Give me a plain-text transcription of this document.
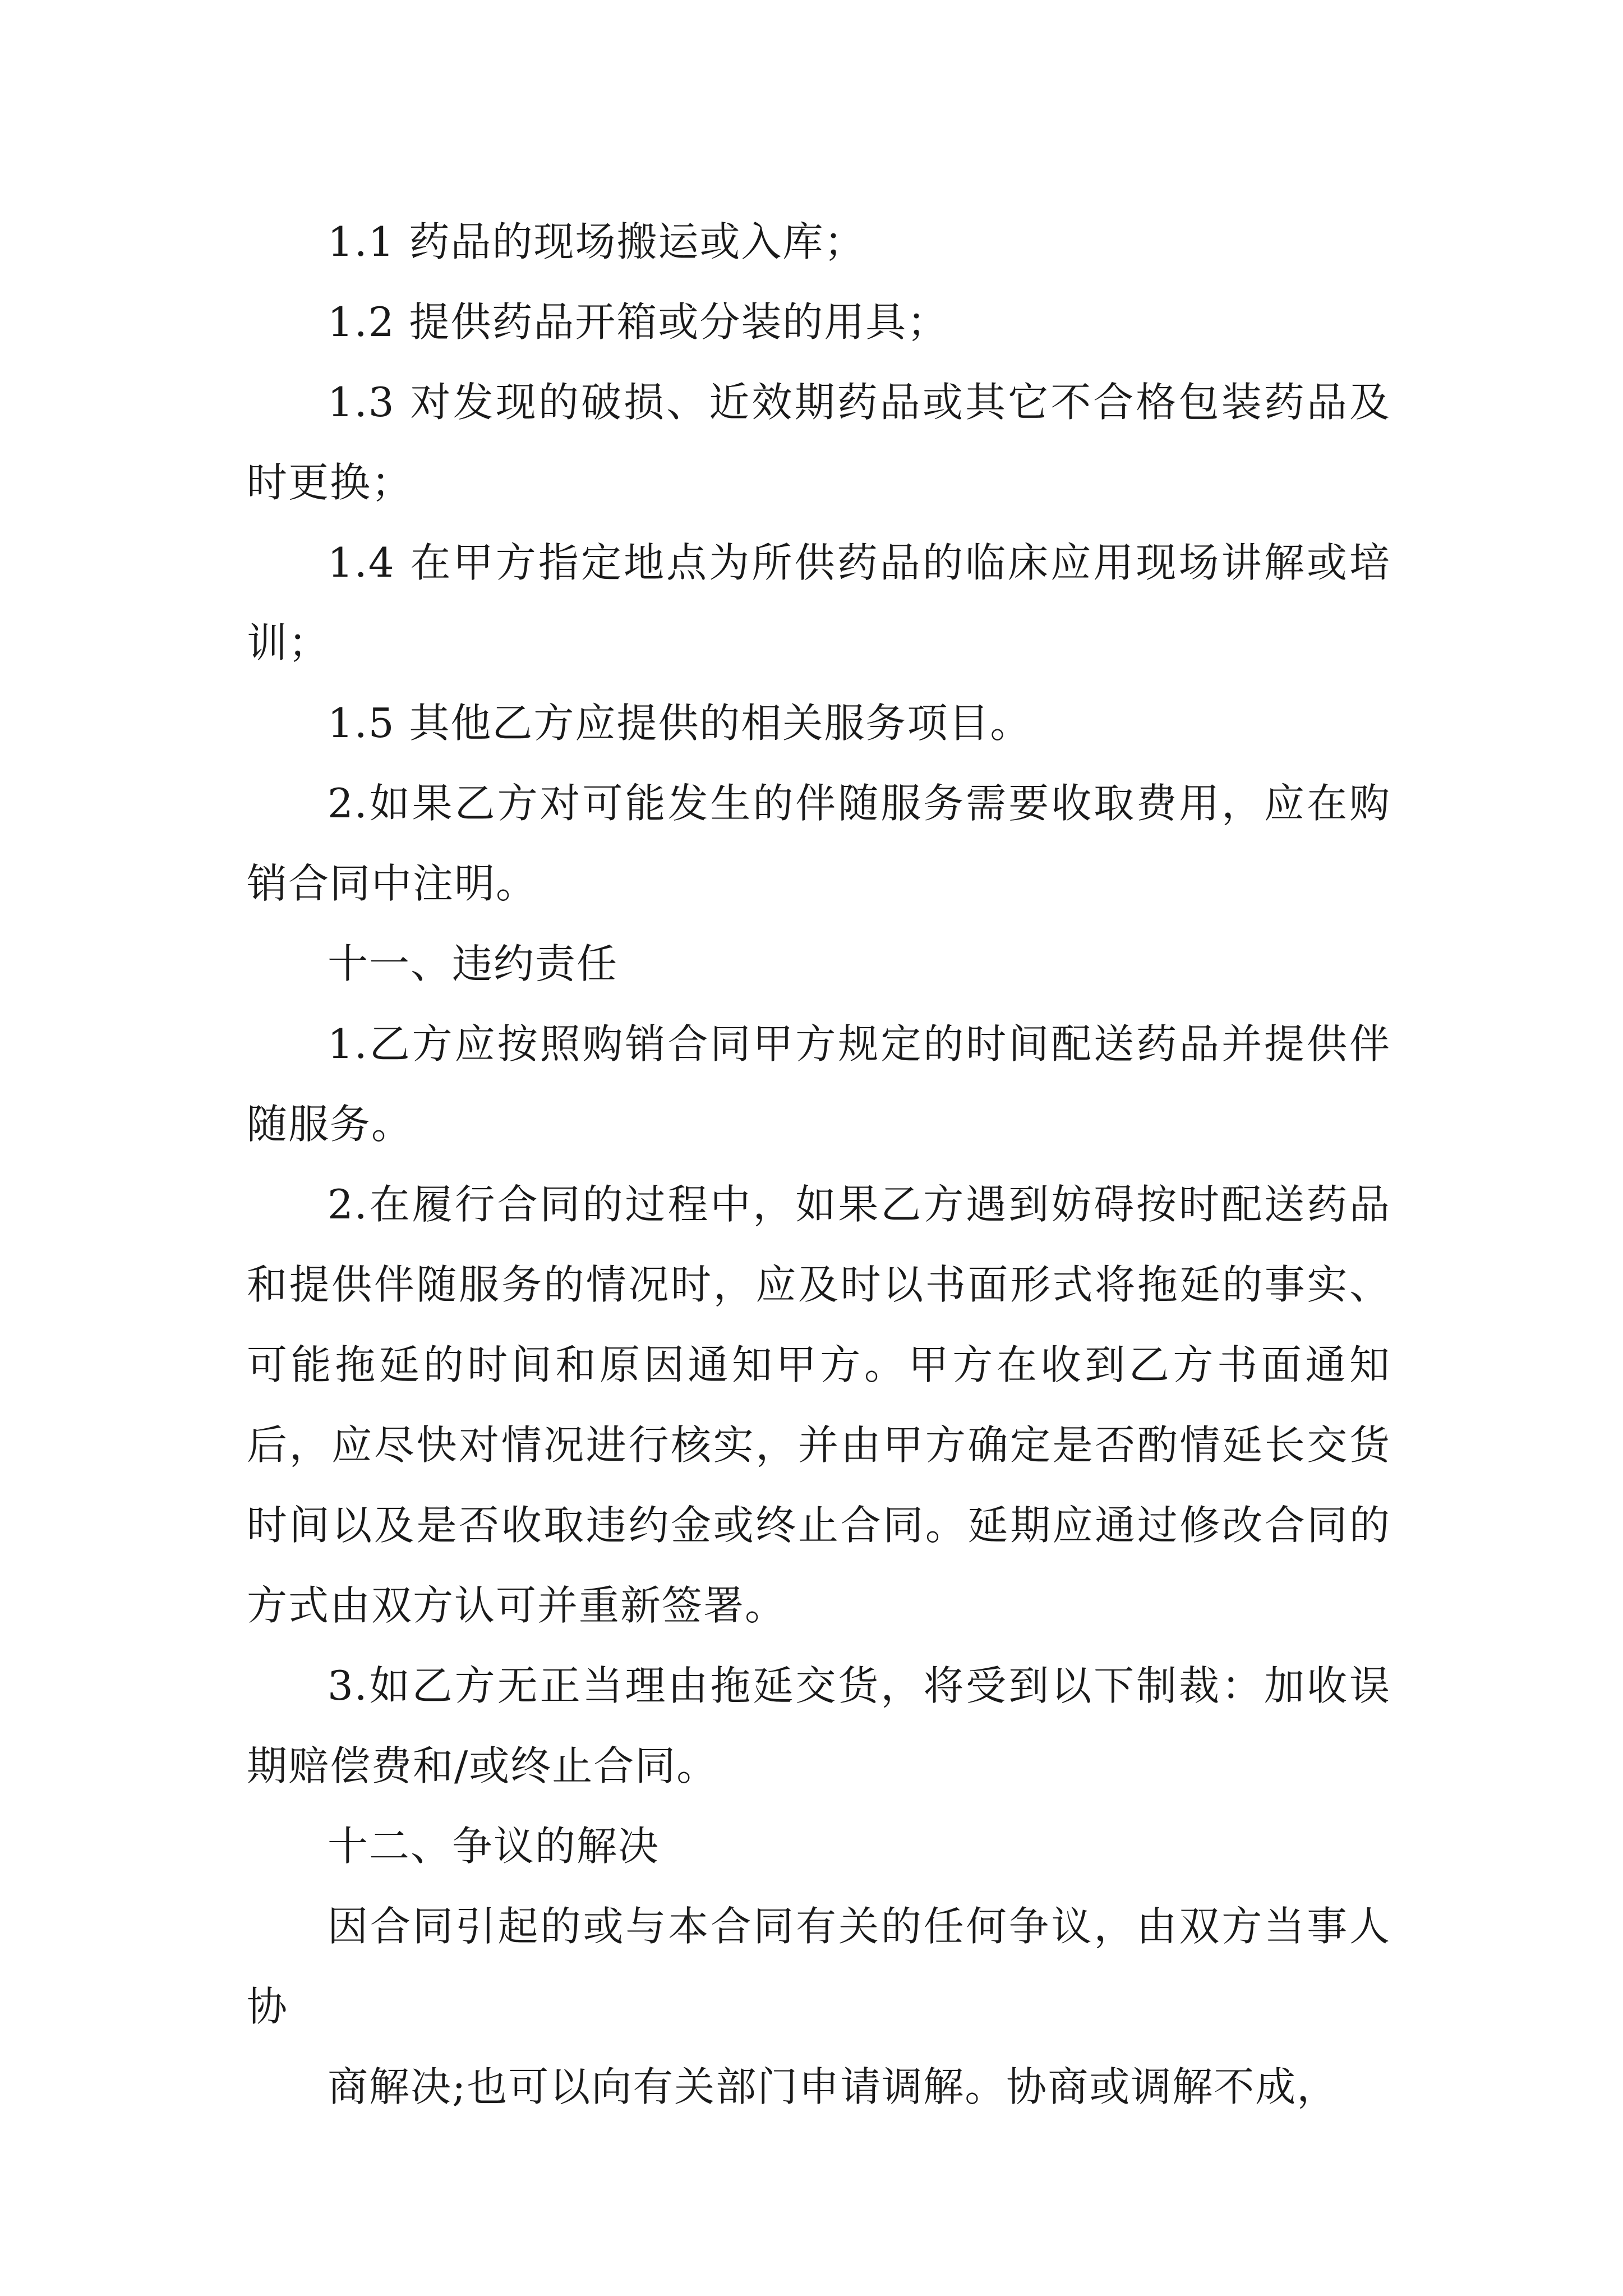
1.1 药品的现场搬运或入库；

1.2 提供药品开箱或分装的用具；

1.3 对发现的破损、近效期药品或其它不合格包装药品及时更换；

1.4 在甲方指定地点为所供药品的临床应用现场讲解或培训；

1.5 其他乙方应提供的相关服务项目。

2.如果乙方对可能发生的伴随服务需要收取费用，应在购销合同中注明。

十一、违约责任

1.乙方应按照购销合同甲方规定的时间配送药品并提供伴随服务。

2.在履行合同的过程中，如果乙方遇到妨碍按时配送药品和提供伴随服务的情况时，应及时以书面形式将拖延的事实、可能拖延的时间和原因通知甲方。甲方在收到乙方书面通知后，应尽快对情况进行核实，并由甲方确定是否酌情延长交货时间以及是否收取违约金或终止合同。延期应通过修改合同的方式由双方认可并重新签署。

3.如乙方无正当理由拖延交货，将受到以下制裁：加收误期赔偿费和/或终止合同。

十二、争议的解决

因合同引起的或与本合同有关的任何争议，由双方当事人协

商解决;也可以向有关部门申请调解。协商或调解不成，
